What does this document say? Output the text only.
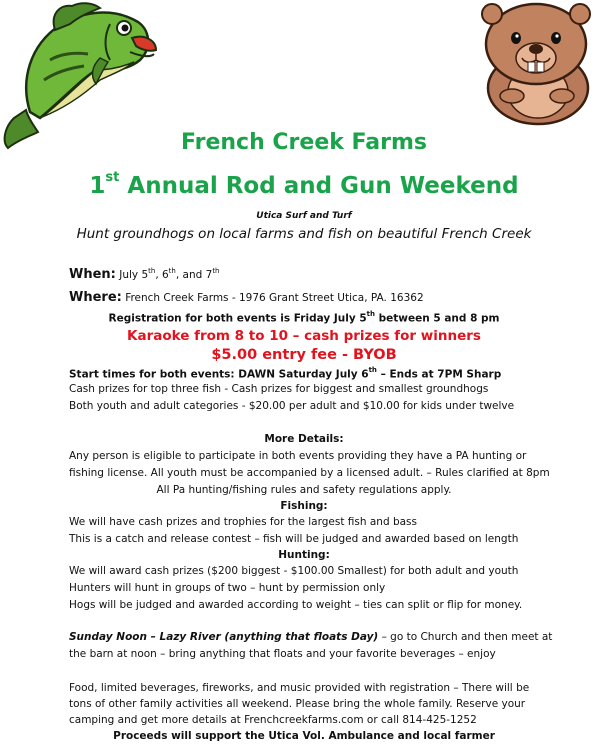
French Creek Farms
1st Annual Rod and Gun Weekend
Utica Surf and Turf
Hunt groundhogs on local farms and fish on beautiful French Creek
When: July 5th, 6th, and 7th
Where: French Creek Farms - 1976 Grant Street Utica, PA. 16362
Registration for both events is Friday July 5th between 5 and 8 pm
Karaoke from 8 to 10 – cash prizes for winners
$5.00 entry fee - BYOB
Start times for both events: DAWN Saturday July 6th – Ends at 7PM Sharp
Cash prizes for top three fish - Cash prizes for biggest and smallest groundhogs
Both youth and adult categories - $20.00 per adult and $10.00 for kids under twelve
More Details:
Any person is eligible to participate in both events providing they have a PA hunting or
fishing license. All youth must be accompanied by a licensed adult. – Rules clarified at 8pm
All Pa hunting/fishing rules and safety regulations apply.
Fishing:
We will have cash prizes and trophies for the largest fish and bass
This is a catch and release contest – fish will be judged and awarded based on length
Hunting:
We will award cash prizes ($200 biggest - $100.00 Smallest) for both adult and youth
Hunters will hunt in groups of two – hunt by permission only
Hogs will be judged and awarded according to weight – ties can split or flip for money.
Sunday Noon – Lazy River (anything that floats Day) – go to Church and then meet at
the barn at noon – bring anything that floats and your favorite beverages – enjoy
Food, limited beverages, fireworks, and music provided with registration – There will be
tons of other family activities all weekend. Please bring the whole family. Reserve your
camping and get more details at Frenchcreekfarms.com or call 814-425-1252
Proceeds will support the Utica Vol. Ambulance and local farmer
